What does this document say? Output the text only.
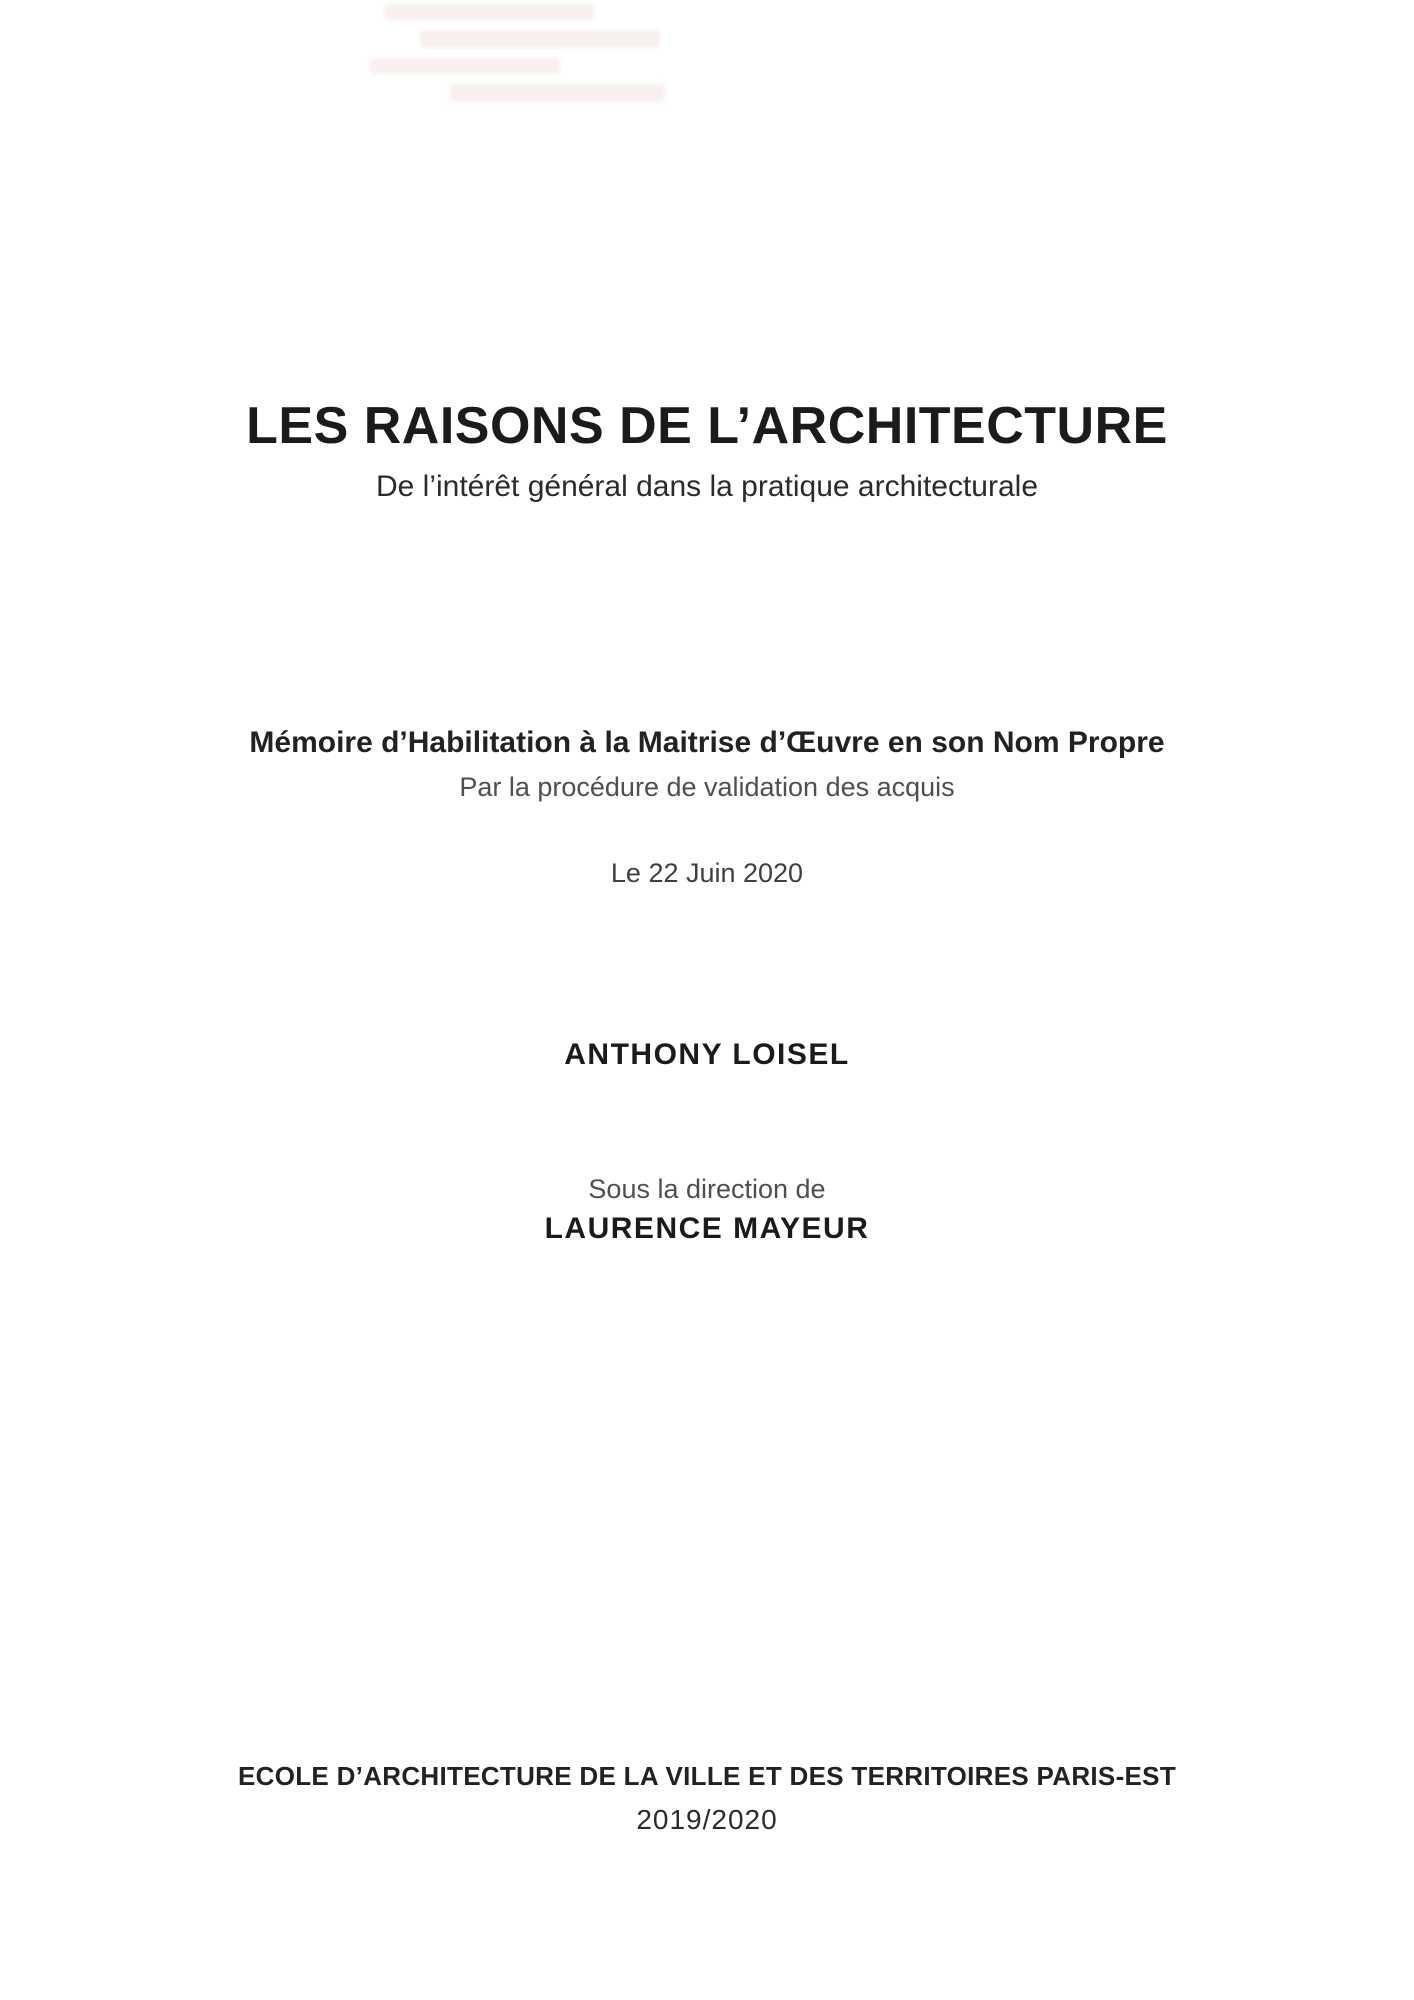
LES RAISONS DE L’ARCHITECTURE
De l’intérêt général dans la pratique architecturale
Mémoire d’Habilitation à la Maitrise d’Œuvre en son Nom Propre
Par la procédure de validation des acquis
Le 22 Juin 2020
ANTHONY LOISEL
Sous la direction de
LAURENCE MAYEUR
ECOLE D’ARCHITECTURE DE LA VILLE ET DES TERRITOIRES PARIS-EST
2019/2020
